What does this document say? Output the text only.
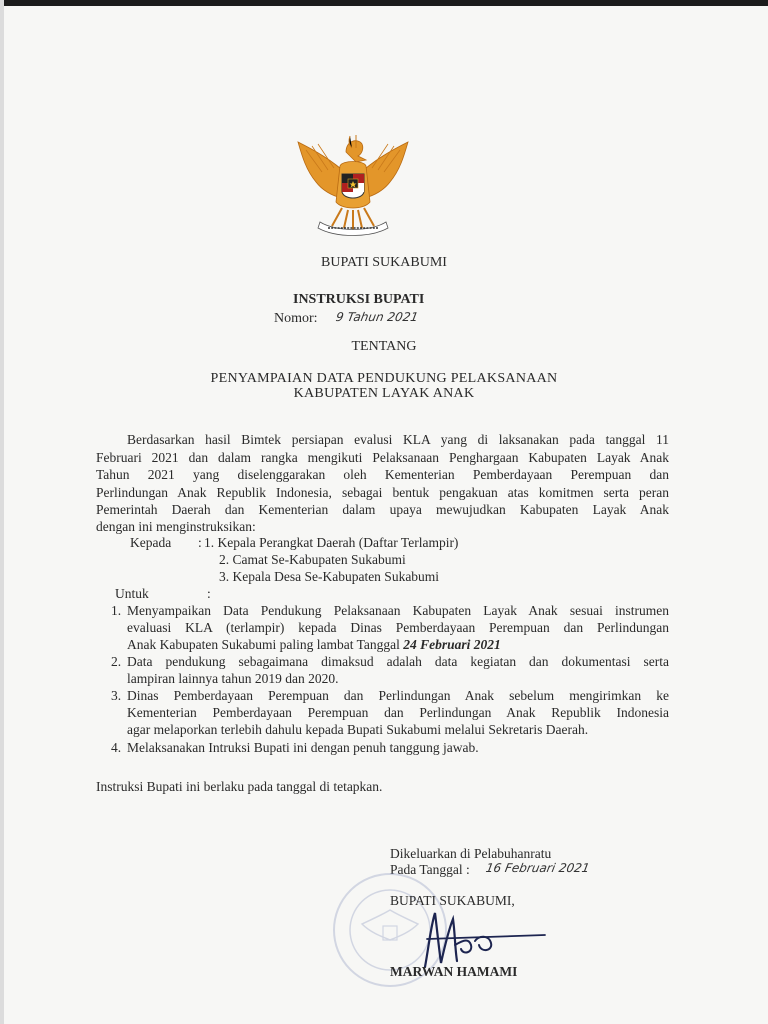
BUPATI SUKABUMI
INSTRUKSI BUPATI
Nomor: 9 Tahun 2021
TENTANG
PENYAMPAIAN DATA PENDUKUNG PELAKSANAAN
KABUPATEN LAYAK ANAK
Berdasarkan hasil Bimtek persiapan evalusi KLA yang di laksanakan pada tanggal 11
Februari 2021 dan dalam rangka mengikuti Pelaksanaan Penghargaan Kabupaten Layak Anak
Tahun 2021 yang diselenggarakan oleh Kementerian Pemberdayaan Perempuan dan
Perlindungan Anak Republik Indonesia, sebagai bentuk pengakuan atas komitmen serta peran
Pemerintah Daerah dan Kementerian dalam upaya mewujudkan Kabupaten Layak Anak
dengan ini menginstruksikan:
Kepada : 1. Kepala Perangkat Daerah (Daftar Terlampir)
2. Camat Se-Kabupaten Sukabumi
3. Kepala Desa Se-Kabupaten Sukabumi
Untuk	:
1. Menyampaikan Data Pendukung Pelaksanaan Kabupaten Layak Anak sesuai instrumen
evaluasi KLA (terlampir) kepada Dinas Pemberdayaan Perempuan dan Perlindungan
Anak Kabupaten Sukabumi paling lambat Tanggal 24 Februari 2021
2. Data pendukung sebagaimana dimaksud adalah data kegiatan dan dokumentasi serta
lampiran lainnya tahun 2019 dan 2020.
3. Dinas Pemberdayaan Perempuan dan Perlindungan Anak sebelum mengirimkan ke
Kementerian Pemberdayaan Perempuan dan Perlindungan Anak Republik Indonesia
agar melaporkan terlebih dahulu kepada Bupati Sukabumi melalui Sekretaris Daerah.
4. Melaksanakan Intruksi Bupati ini dengan penuh tanggung jawab.
Instruksi Bupati ini berlaku pada tanggal di tetapkan.
Dikeluarkan di Pelabuhanratu
Pada Tanggal : 16 Februari 2021
BUPATI SUKABUMI,
MARWAN HAMAMI
